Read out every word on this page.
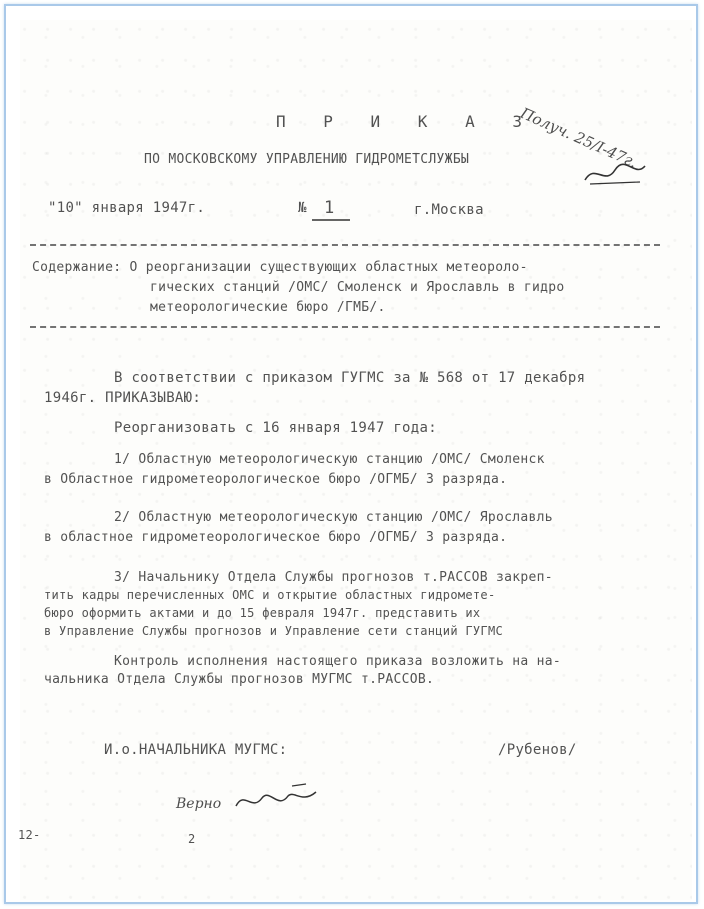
Получ. 25/I-47г.
П Р И К А З
ПО МОСКОВСКОМУ УПРАВЛЕНИЮ ГИДРОМЕТСЛУЖБЫ
"10" января 1947г.	№ 1	г.Москва
Содержание: О реорганизации существующих областных метеороло-
гических станций /ОМС/ Смоленск и Ярославль в гидро
метеорологические бюро /ГМБ/.
В соответствии с приказом ГУГМС за № 568 от 17 декабря
1946г. ПРИКАЗЫВАЮ:
Реорганизовать с 16 января 1947 года:
1/ Областную метеорологическую станцию /ОМС/ Смоленск
в Областное гидрометеорологическое бюро /ОГМБ/ 3 разряда.
2/ Областную метеорологическую станцию /ОМС/ Ярославль
в областное гидрометеорологическое бюро /ОГМБ/ 3 разряда.
3/ Начальнику Отдела Службы прогнозов т.РАССОВ закреп-
тить кадры перечисленных ОМС и открытие областных гидромете-
бюро оформить актами и до 15 февраля 1947г. представить их
в Управление Службы прогнозов и Управление сети станций ГУГМС
Контроль исполнения настоящего приказа возложить на на-
чальника Отдела Службы прогнозов МУГМС т.РАССОВ.
И.о.НАЧАЛЬНИКА МУГМС:	/Рубенов/
Верно
12-	2
